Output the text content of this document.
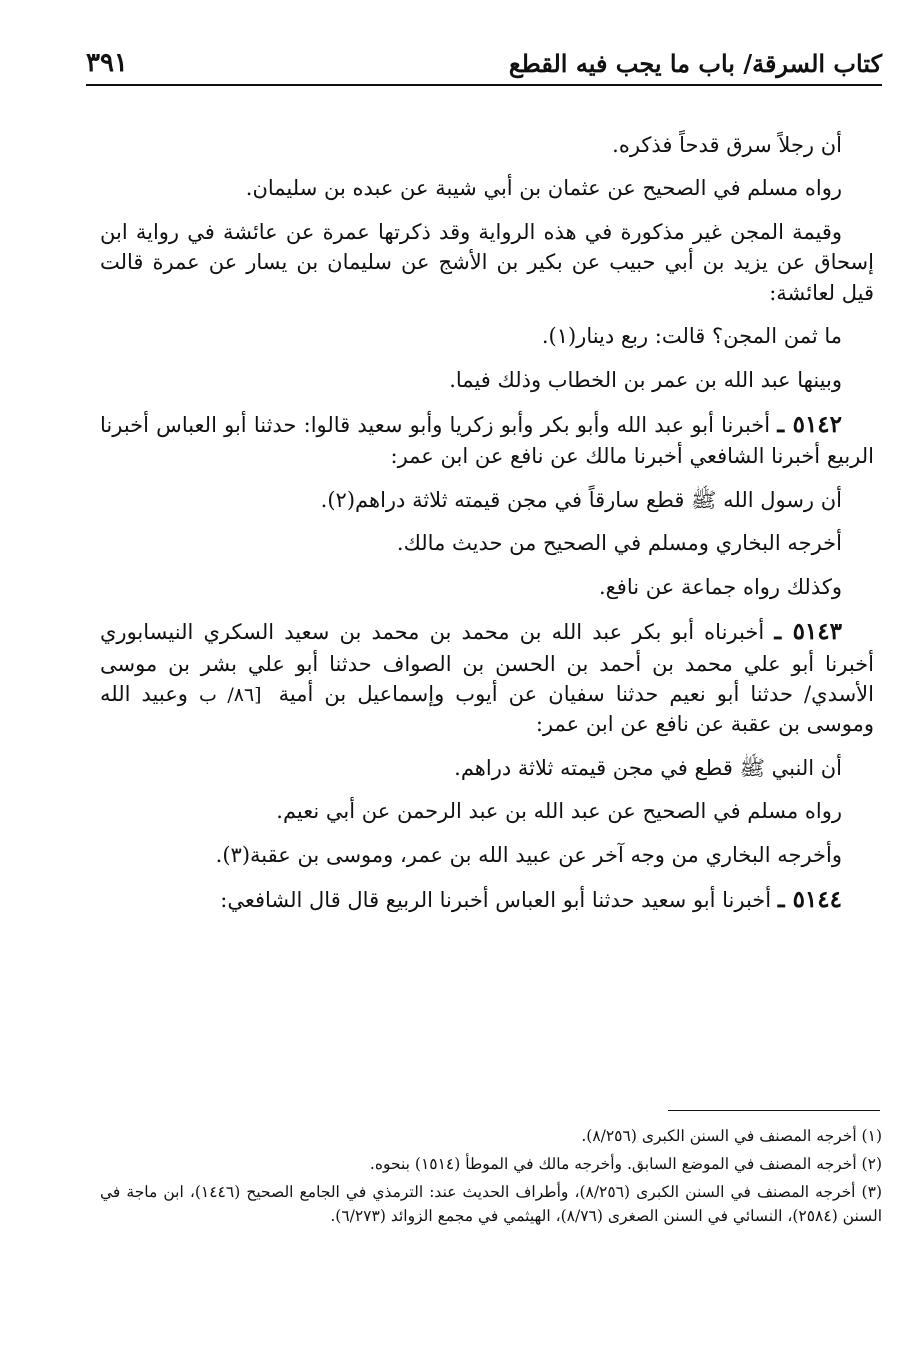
٣٩١	كتاب السرقة/ باب ما يجب فيه القطع

أن رجلاً سرق قدحاً فذكره.

رواه مسلم في الصحيح عن عثمان بن أبي شيبة عن عبده بن سليمان.

وقيمة المجن غير مذكورة في هذه الرواية وقد ذكرتها عمرة عن عائشة في رواية ابن إسحاق عن يزيد بن أبي حبيب عن بكير بن الأشج عن سليمان بن يسار عن عمرة قالت قيل لعائشة:

ما ثمن المجن؟ قالت: ربع دينار(١).

وبينها عبد الله بن عمر بن الخطاب وذلك فيما.

٥١٤٢ ـ أخبرنا أبو عبد الله وأبو بكر وأبو زكريا وأبو سعيد قالوا: حدثنا أبو العباس أخبرنا الربيع أخبرنا الشافعي أخبرنا مالك عن نافع عن ابن عمر:

أن رسول الله ﷺ قطع سارقاً في مجن قيمته ثلاثة دراهم(٢).

أخرجه البخاري ومسلم في الصحيح من حديث مالك.

وكذلك رواه جماعة عن نافع.

٥١٤٣ ـ أخبرناه أبو بكر عبد الله بن محمد بن محمد بن سعيد السكري النيسابوري أخبرنا أبو علي محمد بن أحمد بن الحسن بن الصواف حدثنا أبو علي بشر بن موسى الأسدي/ حدثنا أبو نعيم حدثنا سفيان عن أيوب وإسماعيل بن أمية [٨٦/ ب وعبيد الله وموسى بن عقبة عن نافع عن ابن عمر:

أن النبي ﷺ قطع في مجن قيمته ثلاثة دراهم.

رواه مسلم في الصحيح عن عبد الله بن عبد الرحمن عن أبي نعيم.

وأخرجه البخاري من وجه آخر عن عبيد الله بن عمر، وموسى بن عقبة(٣).

٥١٤٤ ـ أخبرنا أبو سعيد حدثنا أبو العباس أخبرنا الربيع قال قال الشافعي:

(١) أخرجه المصنف في السنن الكبرى (٨/٢٥٦).

(٢) أخرجه المصنف في الموضع السابق. وأخرجه مالك في الموطأ (١٥١٤) بنحوه.

(٣) أخرجه المصنف في السنن الكبرى (٨/٢٥٦)، وأطراف الحديث عند: الترمذي في الجامع الصحيح (١٤٤٦)، ابن ماجة في السنن (٢٥٨٤)، النسائي في السنن الصغرى (٨/٧٦)، الهيثمي في مجمع الزوائد (٦/٢٧٣).
